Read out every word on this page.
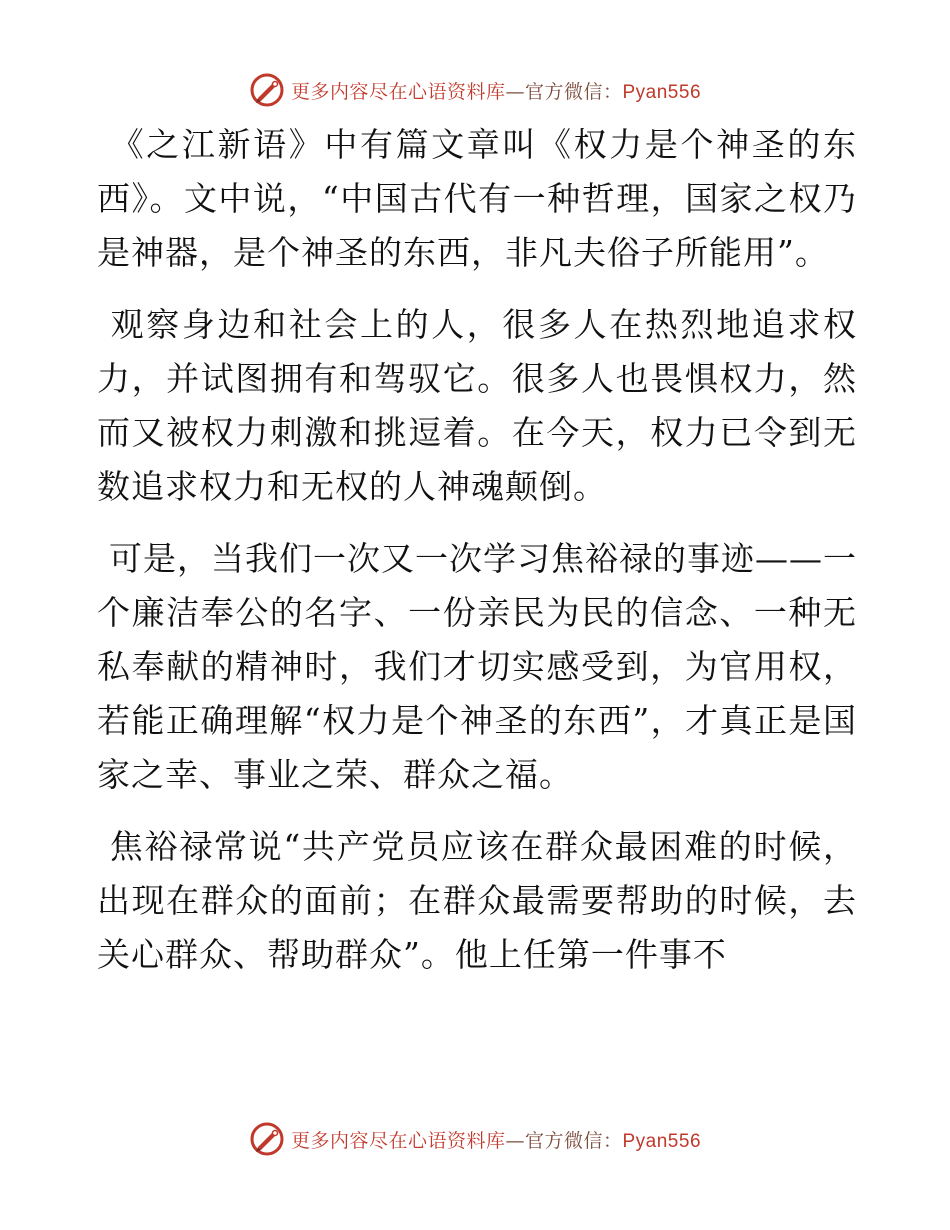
更多内容尽在心语资料库—官方微信：Pyan556

《之江新语》中有篇文章叫《权力是个神圣的东西》。文中说，“中国古代有一种哲理，国家之权乃是神器，是个神圣的东西，非凡夫俗子所能用”。

观察身边和社会上的人，很多人在热烈地追求权力，并试图拥有和驾驭它。很多人也畏惧权力，然而又被权力刺激和挑逗着。在今天，权力已令到无数追求权力和无权的人神魂颠倒。

可是，当我们一次又一次学习焦裕禄的事迹——一个廉洁奉公的名字、一份亲民为民的信念、一种无私奉献的精神时，我们才切实感受到，为官用权，若能正确理解“权力是个神圣的东西”，才真正是国家之幸、事业之荣、群众之福。

焦裕禄常说“共产党员应该在群众最困难的时候，出现在群众的面前；在群众最需要帮助的时候，去关心群众、帮助群众”。他上任第一件事不

更多内容尽在心语资料库—官方微信：Pyan556
